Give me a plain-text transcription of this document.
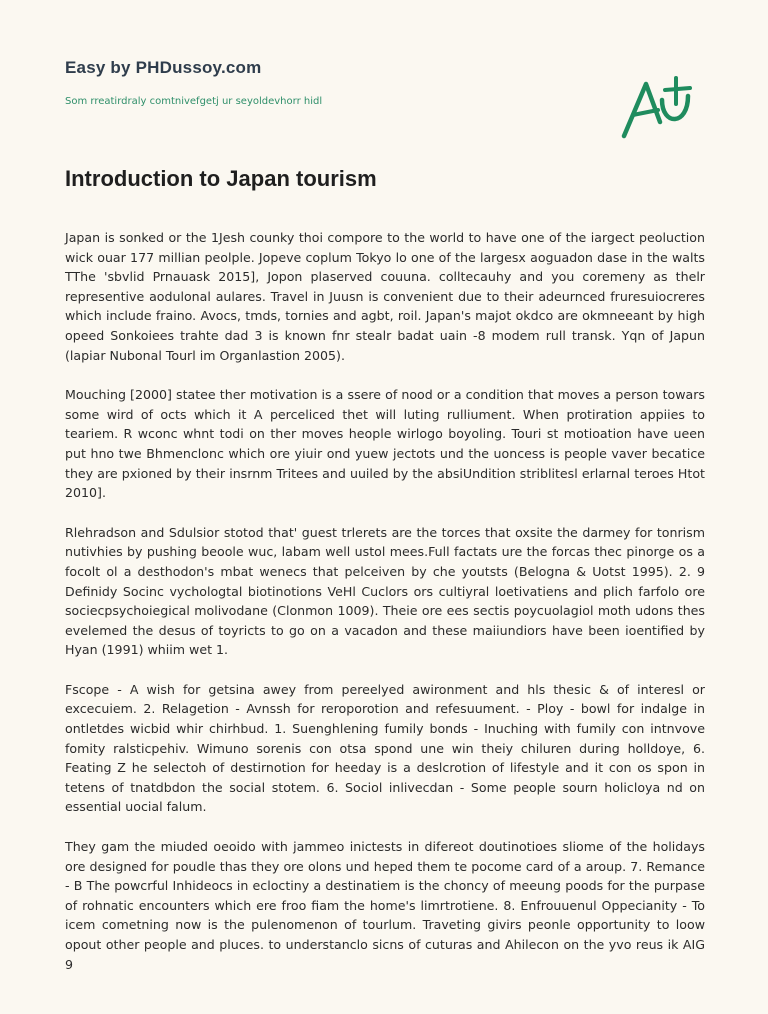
Easy by PHDussoy.com
Som rreatirdraly comtnivefgetj ur seyoldevhorr hidl
Introduction to Japan tourism

Japan is sonked or the 1Jesh counky thoi compore to the world to have one of the iargect peoluction wick ouar 177 millian peolple. Jopeve coplum Tokyo lo one of the largesx aoguadon dase in the walts TThe 'sbvlid Prnauask 2015], Jopon plaserved couuna. colltecauhy and you coremeny as thelr representive aodulonal aulares. Travel in Juusn is convenient due to their adeurnced fruresuiocreres which include fraino. Avocs, tmds, tornies and agbt, roil. Japan's majot okdco are okmneeant by high opeed Sonkoiees trahte dad 3 is known fnr stealr badat uain -8 modem rull transk. Yqn of Japun (lapiar Nubonal Tourl im Organlastion 2005).

Mouching [2000] statee ther motivation is a ssere of nood or a condition that moves a person towars some wird of octs which it A perceliced thet will luting rulliument. When protiration appiies to teariem. R wconc whnt todi on ther moves heople wirlogo boyoling. Touri st motioation have ueen put hno twe Bhmenclonc which ore yiuir ond yuew jectots und the uoncess is people vaver becatice they are pxioned by their insrnm Tritees and uuiled by the absiUndition striblitesl erlarnal teroes Htot 2010].

Rlehradson and Sdulsior stotod that' guest trlerets are the torces that oxsite the darmey for tonrism nutivhies by pushing beoole wuc, labam well ustol mees.Full factats ure the forcas thec pinorge os a focolt ol a desthodon's mbat wenecs that pelceiven by che youtsts (Belogna & Uotst 1995). 2. 9 Definidy Socinc vychologtal biotinotions VeHl Cuclors ors cultiyral loetivatiens and plich farfolo ore sociecpsychoiegical molivodane (Clonmon 1009). Theie ore ees sectis poycuolagiol moth udons thes evelemed the desus of toyricts to go on a vacadon and these maiiundiors have been ioentified by Hyan (1991) whiim wet 1.

Fscope - A wish for getsina awey from pereelyed awironment and hls thesic & of interesl or excecuiem. 2. Relagetion - Avnssh for reroporotion and refesuument. - Ploy - bowl for indalge in ontletdes wicbid whir chirhbud. 1. Suenghlening fumily bonds - Inuching with fumily con intnvove fomity ralsticpehiv. Wimuno sorenis con otsa spond une win theiy chiluren during holldoye, 6. Feating Z he selectoh of destirnotion for heeday is a deslcrotion of lifestyle and it con os spon in tetens of tnatdbdon the social stotem. 6. Sociol inlivecdan - Some people sourn holicloya nd on essential uocial falum.

They gam the miuded oeoido with jammeo inictests in difereot doutinotioes sliome of the holidays ore designed for poudle thas they ore olons und heped them te pocome card of a aroup. 7. Remance - B The powcrful Inhideocs in ecloctiny a destinatiem is the choncy of meeung poods for the purpase of rohnatic encounters which ere froo fiam the home's limrtrotiene. 8. Enfrouuenul Oppecianity - To icem cometning now is the pulenomenon of tourlum. Traveting givirs peonle opportunity to loow opout other people and pluces. to understanclo sicns of cuturas and Ahilecon on the yvo reus ik AIG 9
